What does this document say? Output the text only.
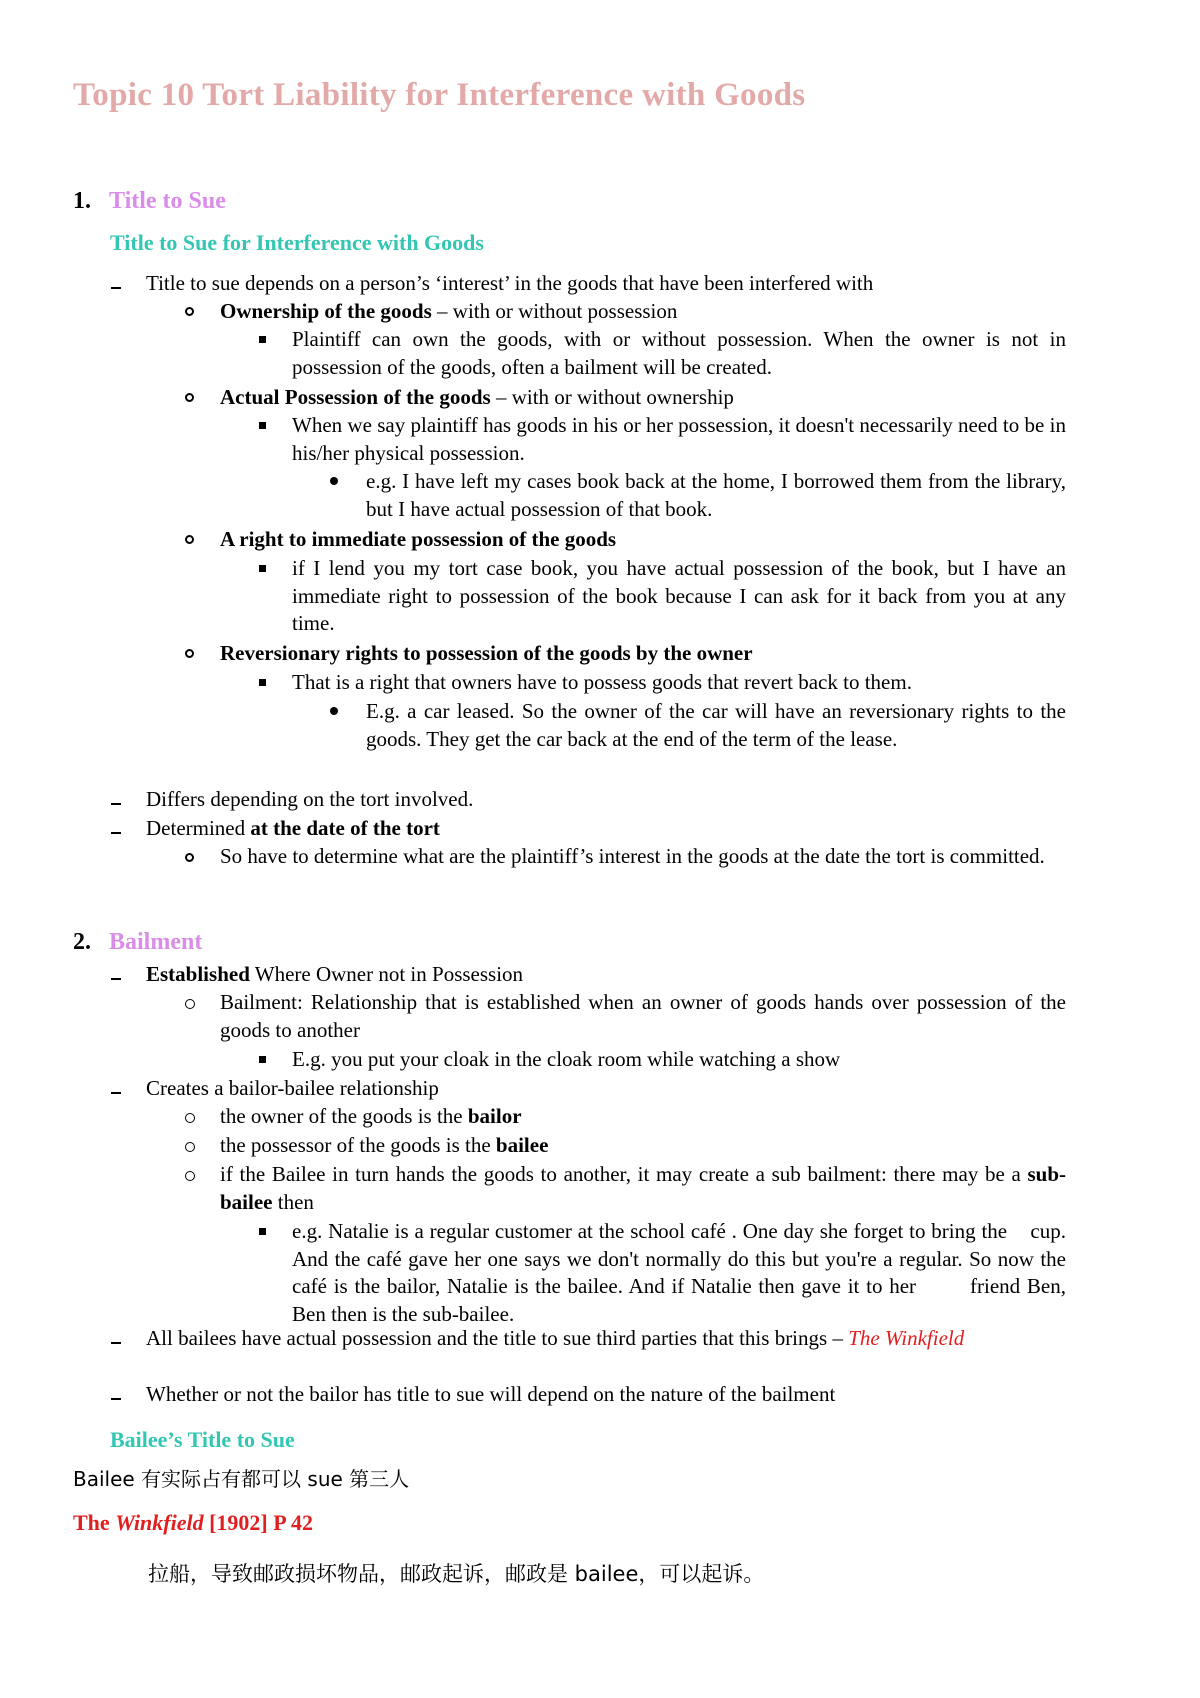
Topic 10 Tort Liability for Interference with Goods
1. Title to Sue
Title to Sue for Interference with Goods
Title to sue depends on a person’s ‘interest’ in the goods that have been interfered with
Ownership of the goods – with or without possession
Plaintiff can own the goods, with or without possession. When the owner is not in possession of the goods, often a bailment will be created.
Actual Possession of the goods – with or without ownership
When we say plaintiff has goods in his or her possession, it doesn't necessarily need to be in his/her physical possession.
e.g. I have left my cases book back at the home, I borrowed them from the library, but I have actual possession of that book.
A right to immediate possession of the goods
if I lend you my tort case book, you have actual possession of the book, but I have an immediate right to possession of the book because I can ask for it back from you at any time.
Reversionary rights to possession of the goods by the owner
That is a right that owners have to possess goods that revert back to them.
E.g. a car leased. So the owner of the car will have an reversionary rights to the goods. They get the car back at the end of the term of the lease.
Differs depending on the tort involved.
Determined at the date of the tort
So have to determine what are the plaintiff’s interest in the goods at the date the tort is committed.
2. Bailment
Established Where Owner not in Possession
Bailment: Relationship that is established when an owner of goods hands over possession of the goods to another
E.g. you put your cloak in the cloak room while watching a show
Creates a bailor-bailee relationship
the owner of the goods is the bailor
the possessor of the goods is the bailee
if the Bailee in turn hands the goods to another, it may create a sub bailment: there may be a sub-bailee then
e.g. Natalie is a regular customer at the school café . One day she forget to bring the    cup. And the café gave her one says we don't normally do this but you're a regular. So now the café is the bailor, Natalie is the bailee. And if Natalie then gave it to her        friend Ben, Ben then is the sub-bailee.
All bailees have actual possession and the title to sue third parties that this brings – The Winkfield
Whether or not the bailor has title to sue will depend on the nature of the bailment
Bailee’s Title to Sue
Bailee 有实际占有都可以 sue 第三人
The Winkfield [1902] P 42
拉船，导致邮政损坏物品，邮政起诉，邮政是 bailee，可以起诉。
